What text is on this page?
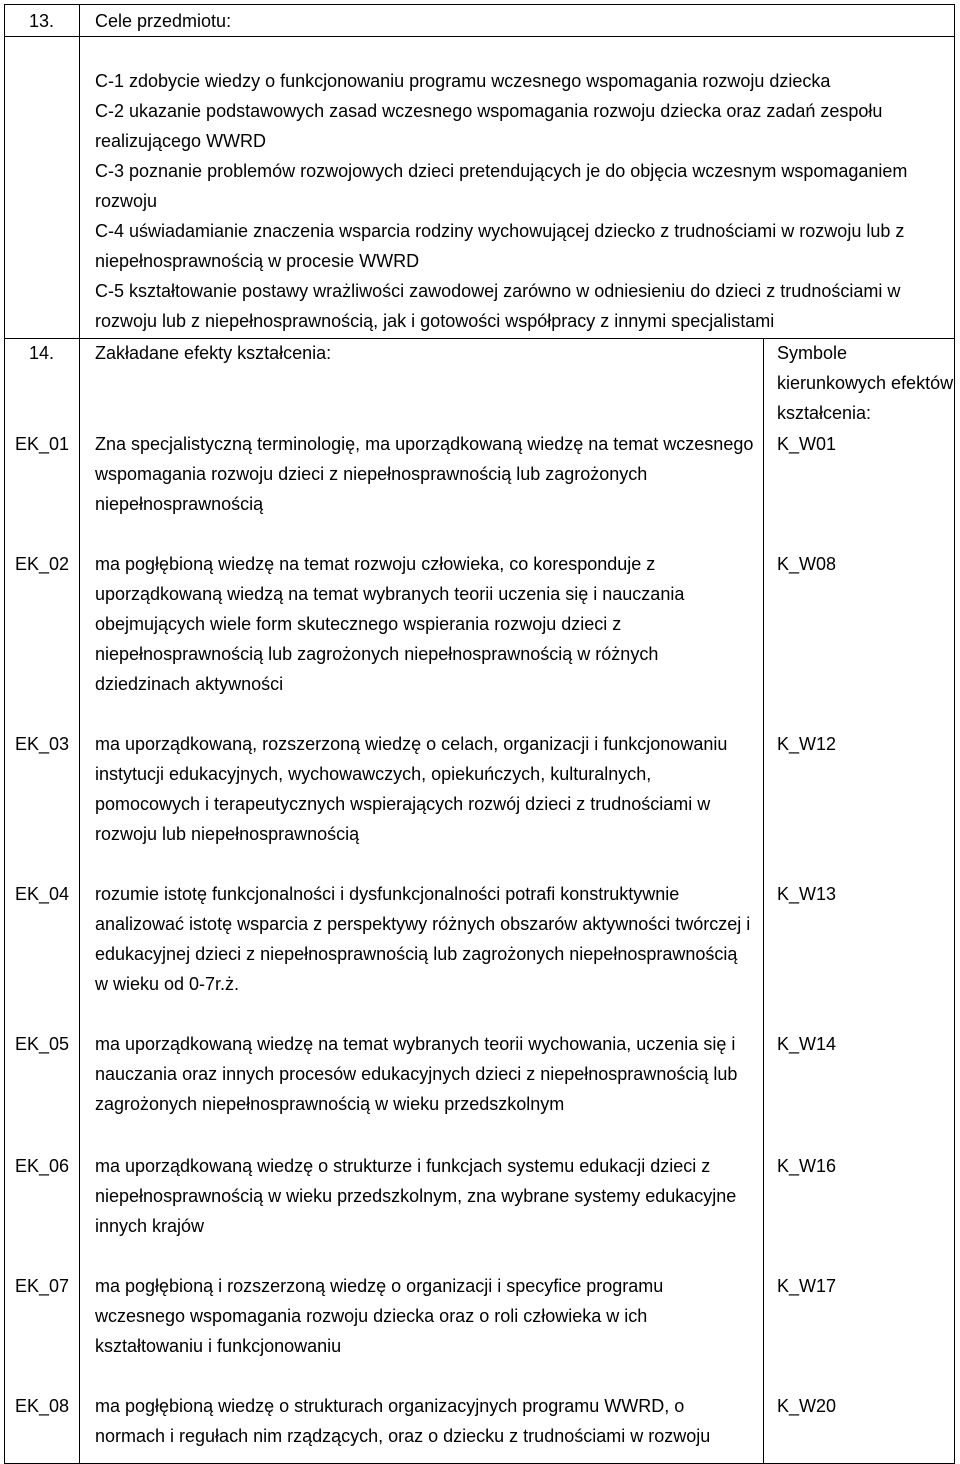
13. Cele przedmiotu:

C-1 zdobycie wiedzy o funkcjonowaniu programu wczesnego wspomagania rozwoju dziecka

C-2 ukazanie podstawowych zasad wczesnego wspomagania rozwoju dziecka oraz zadań zespołu realizującego WWRD

C-3 poznanie problemów rozwojowych dzieci pretendujących je do objęcia wczesnym wspomaganiem rozwoju

C-4 uświadamianie znaczenia wsparcia rodziny wychowującej dziecko z trudnościami w rozwoju lub z niepełnosprawnością w procesie WWRD

C-5 kształtowanie postawy wrażliwości zawodowej zarówno w odniesieniu do dzieci z trudnościami w rozwoju lub z niepełnosprawnością, jak i gotowości współpracy z innymi specjalistami

14. Zakładane efekty kształcenia:	Symbole kierunkowych efektów kształcenia:
EK_01 Zna specjalistyczną terminologię, ma uporządkowaną wiedzę na temat wczesnego wspomagania rozwoju dzieci z niepełnosprawnością lub zagrożonych niepełnosprawnością
K_W01
EK_02 ma pogłębioną wiedzę na temat rozwoju człowieka, co koresponduje z uporządkowaną wiedzą na temat wybranych teorii uczenia się i nauczania obejmujących wiele form skutecznego wspierania rozwoju dzieci z niepełnosprawnością lub zagrożonych niepełnosprawnością w różnych dziedzinach aktywności
K_W08
EK_03 ma uporządkowaną, rozszerzoną wiedzę o celach, organizacji i funkcjonowaniu instytucji edukacyjnych, wychowawczych, opiekuńczych, kulturalnych, pomocowych i terapeutycznych wspierających rozwój dzieci z trudnościami w rozwoju lub niepełnosprawnością
K_W12
EK_04 rozumie istotę funkcjonalności i dysfunkcjonalności potrafi konstruktywnie analizować istotę wsparcia z perspektywy różnych obszarów aktywności twórczej i edukacyjnej dzieci z niepełnosprawnością lub zagrożonych niepełnosprawnością w wieku od 0-7r.ż.
K_W13
EK_05 ma uporządkowaną wiedzę na temat wybranych teorii wychowania, uczenia się i nauczania oraz innych procesów edukacyjnych dzieci z niepełnosprawnością lub zagrożonych niepełnosprawnością w wieku przedszkolnym
K_W14
EK_06 ma uporządkowaną wiedzę o strukturze i funkcjach systemu edukacji dzieci z niepełnosprawnością w wieku przedszkolnym, zna wybrane systemy edukacyjne innych krajów
K_W16
EK_07 ma pogłębioną i rozszerzoną wiedzę o organizacji i specyfice programu wczesnego wspomagania rozwoju dziecka oraz o roli człowieka w ich kształtowaniu i funkcjonowaniu
K_W17
EK_08 ma pogłębioną wiedzę o strukturach organizacyjnych programu WWRD, o normach i regułach nim rządzących, oraz o dziecku z trudnościami w rozwoju
K_W20
